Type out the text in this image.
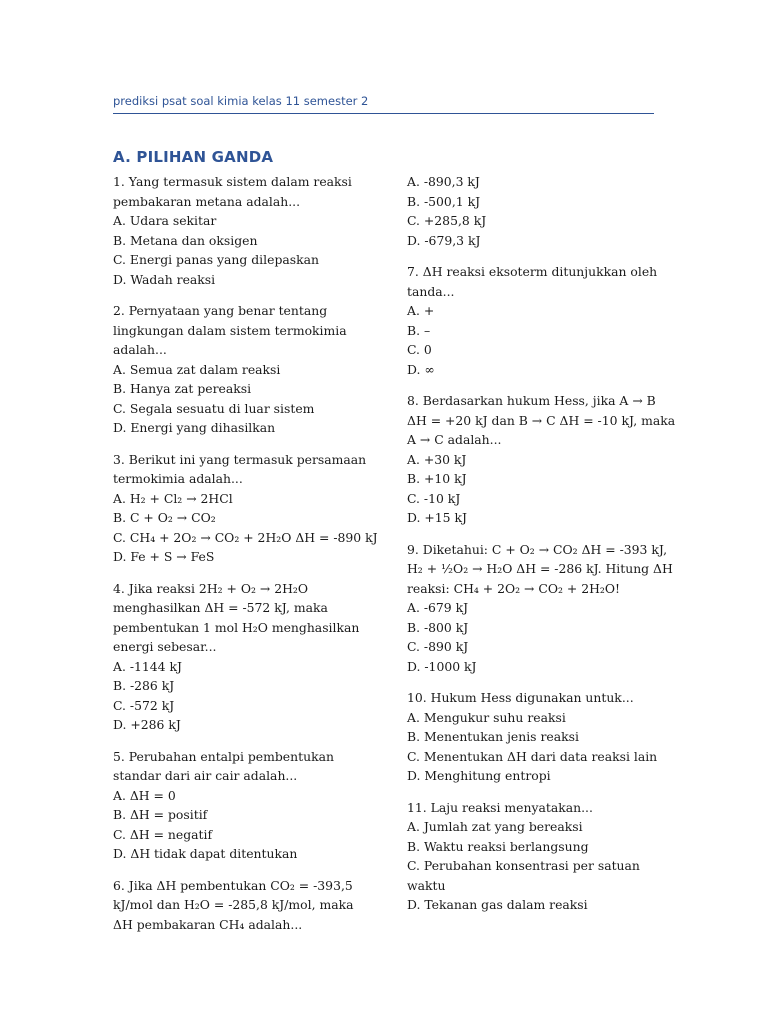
prediksi psat soal kimia kelas 11 semester 2
A. PILIHAN GANDA
1. Yang termasuk sistem dalam reaksi
pembakaran metana adalah...
A. Udara sekitar
B. Metana dan oksigen
C. Energi panas yang dilepaskan
D. Wadah reaksi
2. Pernyataan yang benar tentang
lingkungan dalam sistem termokimia
adalah...
A. Semua zat dalam reaksi
B. Hanya zat pereaksi
C. Segala sesuatu di luar sistem
D. Energi yang dihasilkan
3. Berikut ini yang termasuk persamaan
termokimia adalah...
A. H₂ + Cl₂ → 2HCl
B. C + O₂ → CO₂
C. CH₄ + 2O₂ → CO₂ + 2H₂O ΔH = -890 kJ
D. Fe + S → FeS
4. Jika reaksi 2H₂ + O₂ → 2H₂O
menghasilkan ΔH = -572 kJ, maka
pembentukan 1 mol H₂O menghasilkan
energi sebesar...
A. -1144 kJ
B. -286 kJ
C. -572 kJ
D. +286 kJ
5. Perubahan entalpi pembentukan
standar dari air cair adalah...
A. ΔH = 0
B. ΔH = positif
C. ΔH = negatif
D. ΔH tidak dapat ditentukan
6. Jika ΔH pembentukan CO₂ = -393,5
kJ/mol dan H₂O = -285,8 kJ/mol, maka
ΔH pembakaran CH₄ adalah...
A. -890,3 kJ
B. -500,1 kJ
C. +285,8 kJ
D. -679,3 kJ
7. ΔH reaksi eksoterm ditunjukkan oleh
tanda...
A. +
B. –
C. 0
D. ∞
8. Berdasarkan hukum Hess, jika A → B
ΔH = +20 kJ dan B → C ΔH = -10 kJ, maka
A → C adalah...
A. +30 kJ
B. +10 kJ
C. -10 kJ
D. +15 kJ
9. Diketahui: C + O₂ → CO₂ ΔH = -393 kJ,
H₂ + ½O₂ → H₂O ΔH = -286 kJ. Hitung ΔH
reaksi: CH₄ + 2O₂ → CO₂ + 2H₂O!
A. -679 kJ
B. -800 kJ
C. -890 kJ
D. -1000 kJ
10. Hukum Hess digunakan untuk...
A. Mengukur suhu reaksi
B. Menentukan jenis reaksi
C. Menentukan ΔH dari data reaksi lain
D. Menghitung entropi
11. Laju reaksi menyatakan...
A. Jumlah zat yang bereaksi
B. Waktu reaksi berlangsung
C. Perubahan konsentrasi per satuan
waktu
D. Tekanan gas dalam reaksi
